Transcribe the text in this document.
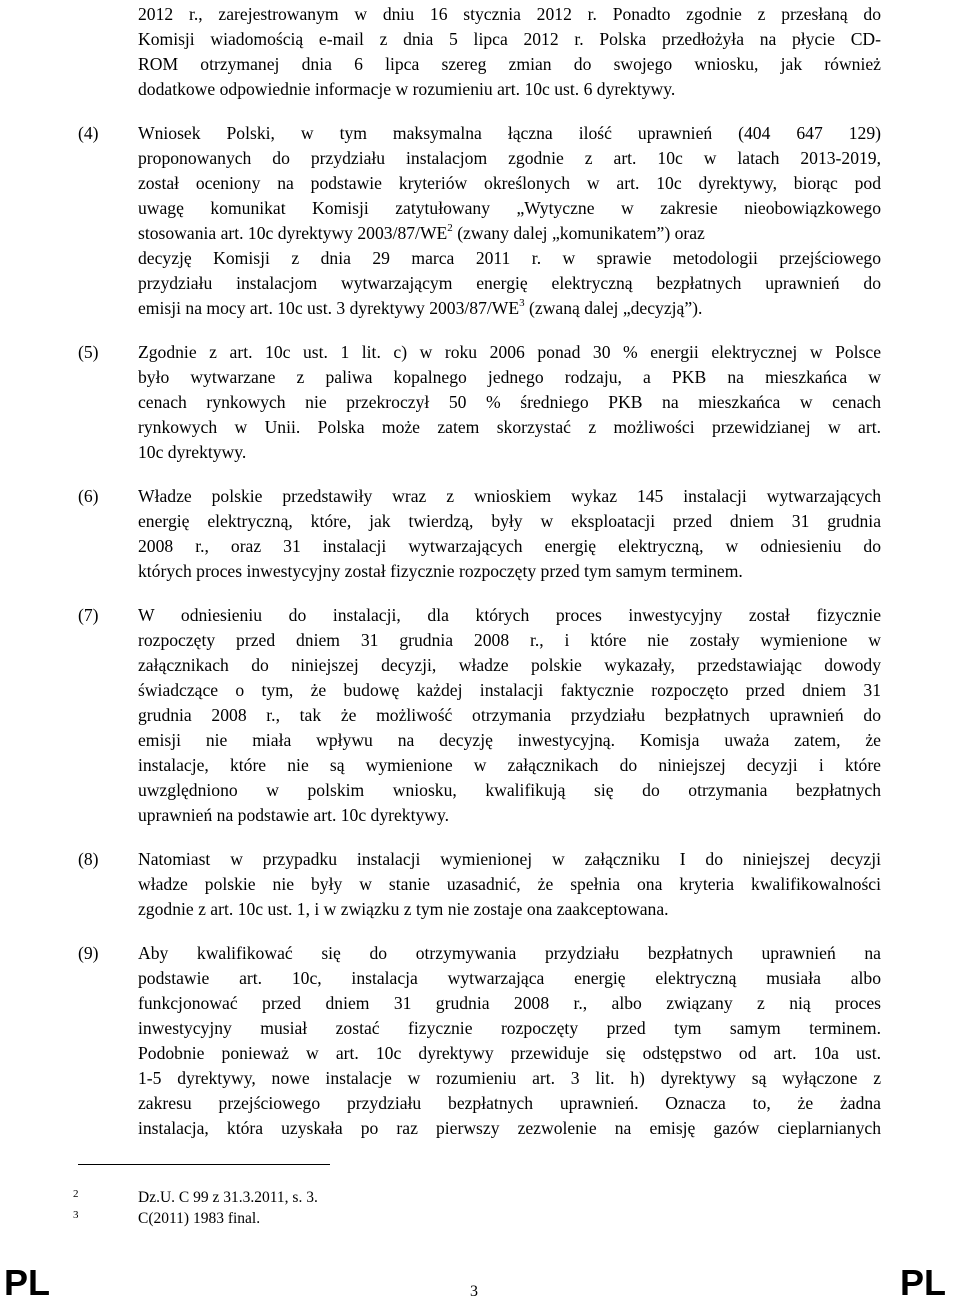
2012 r., zarejestrowanym w dniu 16 stycznia 2012 r. Ponadto zgodnie z przesłaną do
Komisji wiadomością e-mail z dnia 5 lipca 2012 r. Polska przedłożyła na płycie CD-
ROM otrzymanej dnia 6 lipca szereg zmian do swojego wniosku, jak również
dodatkowe odpowiednie informacje w rozumieniu art. 10c ust. 6 dyrektywy.
(4) Wniosek Polski, w tym maksymalna łączna ilość uprawnień (404 647 129)
proponowanych do przydziału instalacjom zgodnie z art. 10c w latach 2013-2019,
został oceniony na podstawie kryteriów określonych w art. 10c dyrektywy, biorąc pod
uwagę komunikat Komisji zatytułowany „Wytyczne w zakresie nieobowiązkowego
stosowania art. 10c dyrektywy $2003/87/WE^2$ (zwany dalej „komunikatem”) oraz
decyzję Komisji z dnia 29 marca 2011 r. w sprawie metodologii przejściowego
przydziału instalacjom wytwarzającym energię elektryczną bezpłatnych uprawnień do
emisji na mocy art. 10c ust. 3 dyrektywy $2003/87/WE^3$ (zwaną dalej „decyzją”).
(5) Zgodnie z art. 10c ust. 1 lit. c) w roku 2006 ponad 30 % energii elektrycznej w Polsce
było wytwarzane z paliwa kopalnego jednego rodzaju, a PKB na mieszkańca w
cenach rynkowych nie przekroczył 50 % średniego PKB na mieszkańca w cenach
rynkowych w Unii. Polska może zatem skorzystać z możliwości przewidzianej w art.
10c dyrektywy.
(6) Władze polskie przedstawiły wraz z wnioskiem wykaz 145 instalacji wytwarzających
energię elektryczną, które, jak twierdzą, były w eksploatacji przed dniem 31 grudnia
2008 r., oraz 31 instalacji wytwarzających energię elektryczną, w odniesieniu do
których proces inwestycyjny został fizycznie rozpoczęty przed tym samym terminem.
(7) W odniesieniu do instalacji, dla których proces inwestycyjny został fizycznie
rozpoczęty przed dniem 31 grudnia 2008 r., i które nie zostały wymienione w
załącznikach do niniejszej decyzji, władze polskie wykazały, przedstawiając dowody
świadczące o tym, że budowę każdej instalacji faktycznie rozpoczęto przed dniem 31
grudnia 2008 r., tak że możliwość otrzymania przydziału bezpłatnych uprawnień do
emisji nie miała wpływu na decyzję inwestycyjną. Komisja uważa zatem, że
instalacje, które nie są wymienione w załącznikach do niniejszej decyzji i które
uwzględniono w polskim wniosku, kwalifikują się do otrzymania bezpłatnych
uprawnień na podstawie art. 10c dyrektywy.
(8) Natomiast w przypadku instalacji wymienionej w załączniku I do niniejszej decyzji
władze polskie nie były w stanie uzasadnić, że spełnia ona kryteria kwalifikowalności
zgodnie z art. 10c ust. 1, i w związku z tym nie zostaje ona zaakceptowana.
(9) Aby kwalifikować się do otrzymywania przydziału bezpłatnych uprawnień na
podstawie art. 10c, instalacja wytwarzająca energię elektryczną musiała albo
funkcjonować przed dniem 31 grudnia 2008 r., albo związany z nią proces
inwestycyjny musiał zostać fizycznie rozpoczęty przed tym samym terminem.
Podobnie ponieważ w art. 10c dyrektywy przewiduje się odstępstwo od art. 10a ust.
1-5 dyrektywy, nowe instalacje w rozumieniu art. 3 lit. h) dyrektywy są wyłączone z
zakresu przejściowego przydziału bezpłatnych uprawnień. Oznacza to, że żadna
instalacja, która uzyskała po raz pierwszy zezwolenie na emisję gazów cieplarnianych
2	Dz.U. C 99 z 31.3.2011, s. 3.
3	C(2011) 1983 final.
PL	3	PL
